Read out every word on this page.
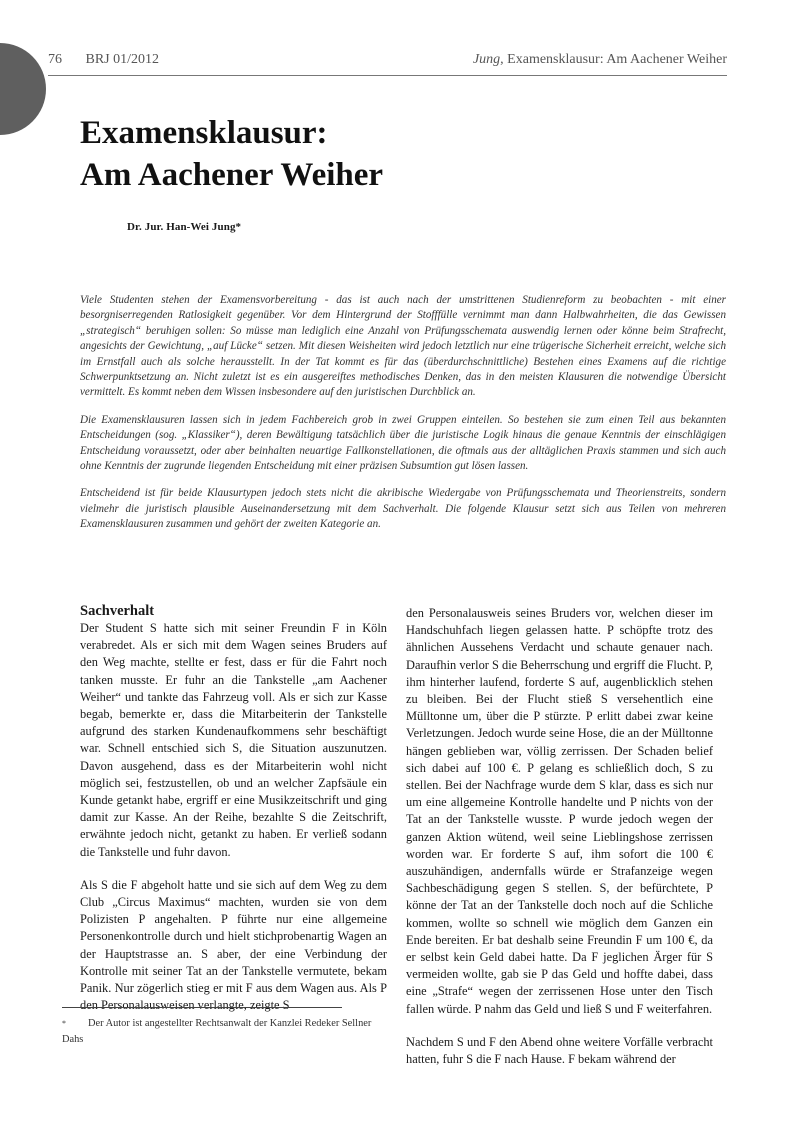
76 BRJ 01/2012	Jung, Examensklausur: Am Aachener Weiher
Examensklausur:
Am Aachener Weiher
Dr. Jur. Han-Wei Jung*

Viele Studenten stehen der Examensvorbereitung - das ist auch nach der umstrittenen Studienreform zu beobachten - mit einer besorgniserregenden Ratlosigkeit gegenüber. Vor dem Hintergrund der Stofffülle vernimmt man dann Halbwahrheiten, die das Gewissen „strategisch“ beruhigen sollen: So müsse man lediglich eine Anzahl von Prüfungsschemata auswendig lernen oder könne beim Strafrecht, angesichts der Gewichtung, „auf Lücke“ setzen. Mit diesen Weisheiten wird jedoch letztlich nur eine trügerische Sicherheit erreicht, welche sich im Ernstfall auch als solche herausstellt. In der Tat kommt es für das (überdurchschnittliche) Bestehen eines Examens auf die richtige Schwerpunktsetzung an. Nicht zuletzt ist es ein ausgereiftes methodisches Denken, das in den meisten Klausuren die notwendige Übersicht vermittelt. Es kommt neben dem Wissen insbesondere auf den juristischen Durchblick an.

Die Examensklausuren lassen sich in jedem Fachbereich grob in zwei Gruppen einteilen. So bestehen sie zum einen Teil aus bekannten Entscheidungen (sog. „Klassiker“), deren Bewältigung tatsächlich über die juristische Logik hinaus die genaue Kenntnis der einschlägigen Entscheidung voraussetzt, oder aber beinhalten neuartige Fallkonstellationen, die oftmals aus der alltäglichen Praxis stammen und sich auch ohne Kenntnis der zugrunde liegenden Entscheidung mit einer präzisen Subsumtion gut lösen lassen.

Entscheidend ist für beide Klausurtypen jedoch stets nicht die akribische Wiedergabe von Prüfungsschemata und Theorienstreits, sondern vielmehr die juristisch plausible Auseinandersetzung mit dem Sachverhalt. Die folgende Klausur setzt sich aus Teilen von mehreren Examensklausuren zusammen und gehört der zweiten Kategorie an.

Sachverhalt

Der Student S hatte sich mit seiner Freundin F in Köln verabredet. Als er sich mit dem Wagen seines Bruders auf den Weg machte, stellte er fest, dass er für die Fahrt noch tanken musste. Er fuhr an die Tankstelle „am Aachener Weiher“ und tankte das Fahrzeug voll. Als er sich zur Kasse begab, bemerkte er, dass die Mitarbeiterin der Tankstelle aufgrund des starken Kundenaufkommens sehr beschäftigt war. Schnell entschied sich S, die Situation auszunutzen. Davon ausgehend, dass es der Mitarbeiterin wohl nicht möglich sei, festzustellen, ob und an welcher Zapfsäule ein Kunde getankt habe, ergriff er eine Musikzeitschrift und ging damit zur Kasse. An der Reihe, bezahlte S die Zeitschrift, erwähnte jedoch nicht, getankt zu haben. Er verließ sodann die Tankstelle und fuhr davon.

Als S die F abgeholt hatte und sie sich auf dem Weg zu dem Club „Circus Maximus“ machten, wurden sie von dem Polizisten P angehalten. P führte nur eine allgemeine Personenkontrolle durch und hielt stichprobenartig Wagen an der Hauptstrasse an. S aber, der eine Verbindung der Kontrolle mit seiner Tat an der Tankstelle vermutete, bekam Panik. Nur zögerlich stieg er mit F aus dem Wagen aus. Als P den Personalausweisen verlangte, zeigte S

den Personalausweis seines Bruders vor, welchen dieser im Handschuhfach liegen gelassen hatte. P schöpfte trotz des ähnlichen Aussehens Verdacht und schaute genauer nach. Daraufhin verlor S die Beherrschung und ergriff die Flucht. P, ihm hinterher laufend, forderte S auf, augenblicklich stehen zu bleiben. Bei der Flucht stieß S versehentlich eine Mülltonne um, über die P stürzte. P erlitt dabei zwar keine Verletzungen. Jedoch wurde seine Hose, die an der Mülltonne hängen geblieben war, völlig zerrissen. Der Schaden belief sich dabei auf 100 €. P gelang es schließlich doch, S zu stellen. Bei der Nachfrage wurde dem S klar, dass es sich nur um eine allgemeine Kontrolle handelte und P nichts von der Tat an der Tankstelle wusste. P wurde jedoch wegen der ganzen Aktion wütend, weil seine Lieblingshose zerrissen worden war. Er forderte S auf, ihm sofort die 100 € auszuhändigen, andernfalls würde er Strafanzeige wegen Sachbeschädigung gegen S stellen. S, der befürchtete, P könne der Tat an der Tankstelle doch noch auf die Schliche kommen, wollte so schnell wie möglich dem Ganzen ein Ende bereiten. Er bat deshalb seine Freundin F um 100 €, da er selbst kein Geld dabei hatte. Da F jeglichen Ärger für S vermeiden wollte, gab sie P das Geld und hoffte dabei, dass eine „Strafe“ wegen der zerrissenen Hose unter den Tisch fallen würde. P nahm das Geld und ließ S und F weiterfahren.

Nachdem S und F den Abend ohne weitere Vorfälle verbracht hatten, fuhr S die F nach Hause. F bekam während der

* Der Autor ist angestellter Rechtsanwalt der Kanzlei Redeker Sellner Dahs
